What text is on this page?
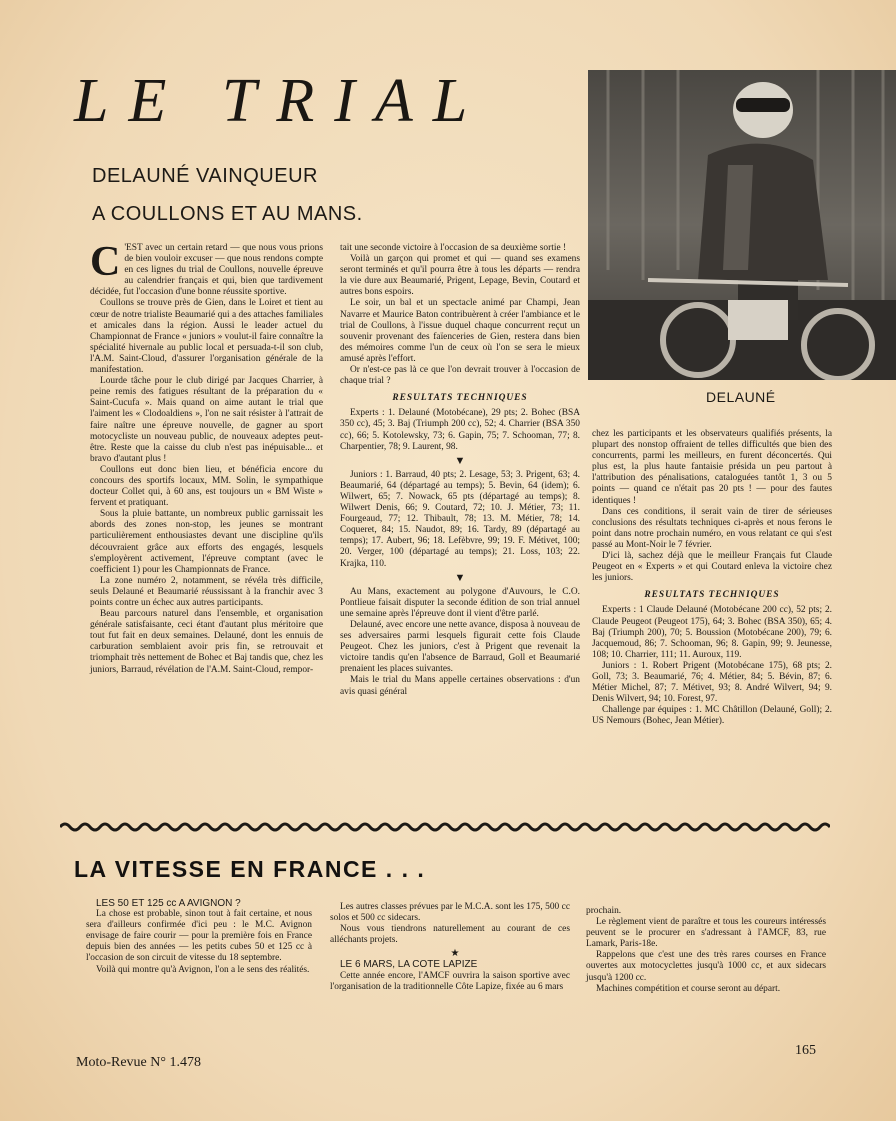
LE TRIAL
DELAUNÉ VAINQUEUR
A COULLONS ET AU MANS.
DELAUNÉ

C 'EST avec un certain retard — que nous vous prions de bien vouloir excuser — que nous rendons compte en ces lignes du trial de Coullons, nouvelle épreuve au calendrier français et qui, bien que tardivement décidée, fut l'occasion d'une bonne réussite sportive.

Coullons se trouve près de Gien, dans le Loiret et tient au cœur de notre trialiste Beaumarié qui a des attaches familiales et amicales dans la région. Aussi le leader actuel du Championnat de France « juniors » voulut-il faire connaître la spécialité hivernale au public local et persuada-t-il son club, l'A.M. Saint-Cloud, d'assurer l'organisation générale de la manifestation.

Lourde tâche pour le club dirigé par Jacques Charrier, à peine remis des fatigues résultant de la préparation du « Saint-Cucufa ». Mais quand on aime autant le trial que l'aiment les « Clodoaldiens », l'on ne sait résister à l'attrait de faire naître une épreuve nouvelle, de gagner au sport motocycliste un nouveau public, de nouveaux adeptes peut-être. Reste que la caisse du club n'est pas inépuisable... et bravo d'autant plus !

Coullons eut donc bien lieu, et bénéficia encore du concours des sportifs locaux, MM. Solin, le sympathique docteur Collet qui, à 60 ans, est toujours un « BM Wiste » fervent et pratiquant.

Sous la pluie battante, un nombreux public garnissait les abords des zones non-stop, les jeunes se montrant particulièrement enthousiastes devant une discipline qu'ils découvraient grâce aux efforts des engagés, lesquels s'employèrent activement, l'épreuve comptant (avec le coefficient 1) pour les Championnats de France.

La zone numéro 2, notamment, se révéla très difficile, seuls Delauné et Beaumarié réussissant à la franchir avec 3 points contre un échec aux autres participants.

Beau parcours naturel dans l'ensemble, et organisation générale satisfaisante, ceci étant d'autant plus méritoire que tout fut fait en deux semaines. Delauné, dont les ennuis de carburation semblaient avoir pris fin, se retrouvait et triomphait très nettement de Bohec et Baj tandis que, chez les juniors, Barraud, révélation de l'A.M. Saint-Cloud, rempor-

tait une seconde victoire à l'occasion de sa deuxième sortie !

Voilà un garçon qui promet et qui — quand ses examens seront terminés et qu'il pourra être à tous les départs — rendra la vie dure aux Beaumarié, Prigent, Lepage, Bevin, Coutard et autres bons espoirs.

Le soir, un bal et un spectacle animé par Champi, Jean Navarre et Maurice Baton contribuèrent à créer l'ambiance et le trial de Coullons, à l'issue duquel chaque concurrent reçut un souvenir provenant des faïenceries de Gien, restera dans bien des mémoires comme l'un de ceux où l'on se sera le mieux amusé après l'effort.

Or n'est-ce pas là ce que l'on devrait trouver à l'occasion de chaque trial ?

RESULTATS TECHNIQUES

Experts : 1. Delauné (Motobécane), 29 pts; 2. Bohec (BSA 350 cc), 45; 3. Baj (Triumph 200 cc), 52; 4. Charrier (BSA 350 cc), 66; 5. Kotolewsky, 73; 6. Gapin, 75; 7. Schooman, 77; 8. Charpentier, 78; 9. Laurent, 98.

▼

Juniors : 1. Barraud, 40 pts; 2. Lesage, 53; 3. Prigent, 63; 4. Beaumarié, 64 (départagé au temps); 5. Bevin, 64 (idem); 6. Wilwert, 65; 7. Nowack, 65 pts (départagé au temps); 8. Wilwert Denis, 66; 9. Coutard, 72; 10. J. Métier, 73; 11. Fourgeaud, 77; 12. Thibault, 78; 13. M. Métier, 78; 14. Coqueret, 84; 15. Naudot, 89; 16. Tardy, 89 (départagé au temps); 17. Aubert, 96; 18. Lefèbvre, 99; 19. F. Métivet, 100; 20. Verger, 100 (départagé au temps); 21. Loss, 103; 22. Krajka, 110.

▼

Au Mans, exactement au polygone d'Auvours, le C.O. Pontlieue faisait disputer la seconde édition de son trial annuel une semaine après l'épreuve dont il vient d'être parlé.

Delauné, avec encore une nette avance, disposa à nouveau de ses adversaires parmi lesquels figurait cette fois Claude Peugeot. Chez les juniors, c'est à Prigent que revenait la victoire tandis qu'en l'absence de Barraud, Goll et Beaumarié prenaient les places suivantes.

Mais le trial du Mans appelle certaines observations : d'un avis quasi général

chez les participants et les observateurs qualifiés présents, la plupart des nonstop offraient de telles difficultés que bien des concurrents, parmi les meilleurs, en furent déconcertés. Qui plus est, la plus haute fantaisie présida un peu partout à l'attribution des pénalisations, cataloguées tantôt 1, 3 ou 5 points — quand ce n'était pas 20 pts ! — pour des fautes identiques !

Dans ces conditions, il serait vain de tirer de sérieuses conclusions des résultats techniques ci-après et nous ferons le point dans notre prochain numéro, en vous relatant ce qui s'est passé au Mont-Noir le 7 février.

D'ici là, sachez déjà que le meilleur Français fut Claude Peugeot en « Experts » et qui Coutard enleva la victoire chez les juniors.

RESULTATS TECHNIQUES

Experts : 1 Claude Delauné (Motobécane 200 cc), 52 pts; 2. Claude Peugeot (Peugeot 175), 64; 3. Bohec (BSA 350), 65; 4. Baj (Triumph 200), 70; 5. Boussion (Motobécane 200), 79; 6. Jacquemoud, 86; 7. Schooman, 96; 8. Gapin, 99; 9. Jeunesse, 108; 10. Charrier, 111; 11. Auroux, 119.

Juniors : 1. Robert Prigent (Motobécane 175), 68 pts; 2. Goll, 73; 3. Beaumarié, 76; 4. Métier, 84; 5. Bévin, 87; 6. Métier Michel, 87; 7. Métivet, 93; 8. André Wilvert, 94; 9. Denis Wilvert, 94; 10. Forest, 97.

Challenge par équipes : 1. MC Châtillon (Delauné, Goll); 2. US Nemours (Bohec, Jean Métier).

LA VITESSE EN FRANCE . . .

LES 50 ET 125 cc A AVIGNON ?

La chose est probable, sinon tout à fait certaine, et nous sera d'ailleurs confirmée d'ici peu : le M.C. Avignon envisage de faire courir — pour la première fois en France depuis bien des années — les petits cubes 50 et 125 cc à l'occasion de son circuit de vitesse du 18 septembre.

Voilà qui montre qu'à Avignon, l'on a le sens des réalités.

Les autres classes prévues par le M.C.A. sont les 175, 500 cc solos et 500 cc sidecars.

Nous vous tiendrons naturellement au courant de ces alléchants projets.

★

LE 6 MARS, LA COTE LAPIZE

Cette année encore, l'AMCF ouvrira la saison sportive avec l'organisation de la traditionnelle Côte Lapize, fixée au 6 mars

prochain.

Le règlement vient de paraître et tous les coureurs intéressés peuvent se le procurer en s'adressant à l'AMCF, 83, rue Lamark, Paris-18e.

Rappelons que c'est une des très rares courses en France ouvertes aux motocyclettes jusqu'à 1000 cc, et aux sidecars jusqu'à 1200 cc.

Machines compétition et course seront au départ.

Moto-Revue N° 1.478
165
